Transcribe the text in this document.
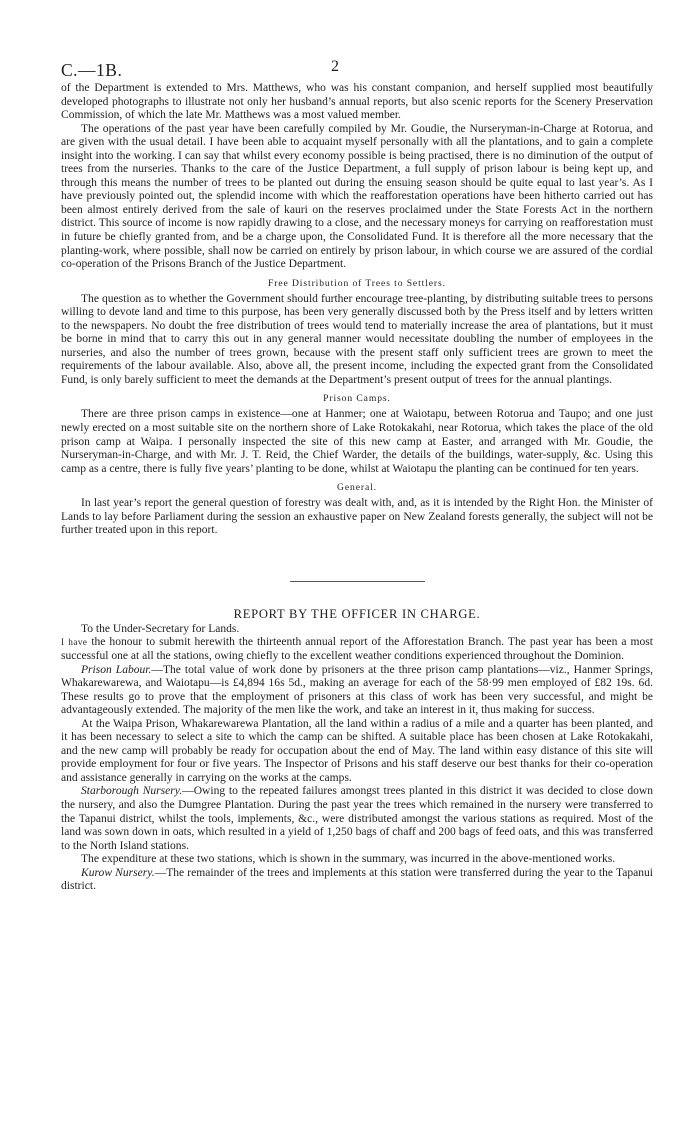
C.—1B.	2

of the Department is extended to Mrs. Matthews, who was his constant companion, and herself supplied most beautifully developed photographs to illustrate not only her husband’s annual reports, but also scenic reports for the Scenery Preservation Commission, of which the late Mr. Matthews was a most valued member.

The operations of the past year have been carefully compiled by Mr. Goudie, the Nurseryman-in-Charge at Rotorua, and are given with the usual detail. I have been able to acquaint myself personally with all the plantations, and to gain a complete insight into the working. I can say that whilst every economy possible is being practised, there is no diminution of the output of trees from the nurseries. Thanks to the care of the Justice Department, a full supply of prison labour is being kept up, and through this means the number of trees to be planted out during the ensuing season should be quite equal to last year’s. As I have previously pointed out, the splendid income with which the reafforestation operations have been hitherto carried out has been almost entirely derived from the sale of kauri on the reserves proclaimed under the State Forests Act in the northern district. This source of income is now rapidly drawing to a close, and the necessary moneys for carrying on reafforestation must in future be chiefly granted from, and be a charge upon, the Consolidated Fund. It is therefore all the more necessary that the planting-work, where possible, shall now be carried on entirely by prison labour, in which course we are assured of the cordial co-operation of the Prisons Branch of the Justice Department.

Free Distribution of Trees to Settlers.

The question as to whether the Government should further encourage tree-planting, by distributing suitable trees to persons willing to devote land and time to this purpose, has been very generally discussed both by the Press itself and by letters written to the newspapers. No doubt the free distribution of trees would tend to materially increase the area of plantations, but it must be borne in mind that to carry this out in any general manner would necessitate doubling the number of employees in the nurseries, and also the number of trees grown, because with the present staff only sufficient trees are grown to meet the requirements of the labour available. Also, above all, the present income, including the expected grant from the Consolidated Fund, is only barely sufficient to meet the demands at the Department’s present output of trees for the annual plantings.

Prison Camps.

There are three prison camps in existence—one at Hanmer; one at Waiotapu, between Rotorua and Taupo; and one just newly erected on a most suitable site on the northern shore of Lake Rotokakahi, near Rotorua, which takes the place of the old prison camp at Waipa. I personally inspected the site of this new camp at Easter, and arranged with Mr. Goudie, the Nurseryman-in-Charge, and with Mr. J. T. Reid, the Chief Warder, the details of the buildings, water-supply, &c. Using this camp as a centre, there is fully five years’ planting to be done, whilst at Waiotapu the planting can be continued for ten years.

General.

In last year’s report the general question of forestry was dealt with, and, as it is intended by the Right Hon. the Minister of Lands to lay before Parliament during the session an exhaustive paper on New Zealand forests generally, the subject will not be further treated upon in this report.

REPORT BY THE OFFICER IN CHARGE.
To the Under-Secretary for Lands.

I have the honour to submit herewith the thirteenth annual report of the Afforestation Branch. The past year has been a most successful one at all the stations, owing chiefly to the excellent weather conditions experienced throughout the Dominion.

Prison Labour.—The total value of work done by prisoners at the three prison camp plantations—viz., Hanmer Springs, Whakarewarewa, and Waiotapu—is £4,894 16s 5d., making an average for each of the 58·99 men employed of £82 19s. 6d. These results go to prove that the employment of prisoners at this class of work has been very successful, and might be advantageously extended. The majority of the men like the work, and take an interest in it, thus making for success.

At the Waipa Prison, Whakarewarewa Plantation, all the land within a radius of a mile and a quarter has been planted, and it has been necessary to select a site to which the camp can be shifted. A suitable place has been chosen at Lake Rotokakahi, and the new camp will probably be ready for occupation about the end of May. The land within easy distance of this site will provide employment for four or five years. The Inspector of Prisons and his staff deserve our best thanks for their co-operation and assistance generally in carrying on the works at the camps.

Starborough Nursery.—Owing to the repeated failures amongst trees planted in this district it was decided to close down the nursery, and also the Dumgree Plantation. During the past year the trees which remained in the nursery were transferred to the Tapanui district, whilst the tools, implements, &c., were distributed amongst the various stations as required. Most of the land was sown down in oats, which resulted in a yield of 1,250 bags of chaff and 200 bags of feed oats, and this was transferred to the North Island stations.

The expenditure at these two stations, which is shown in the summary, was incurred in the above-mentioned works.

Kurow Nursery.—The remainder of the trees and implements at this station were transferred during the year to the Tapanui district.
